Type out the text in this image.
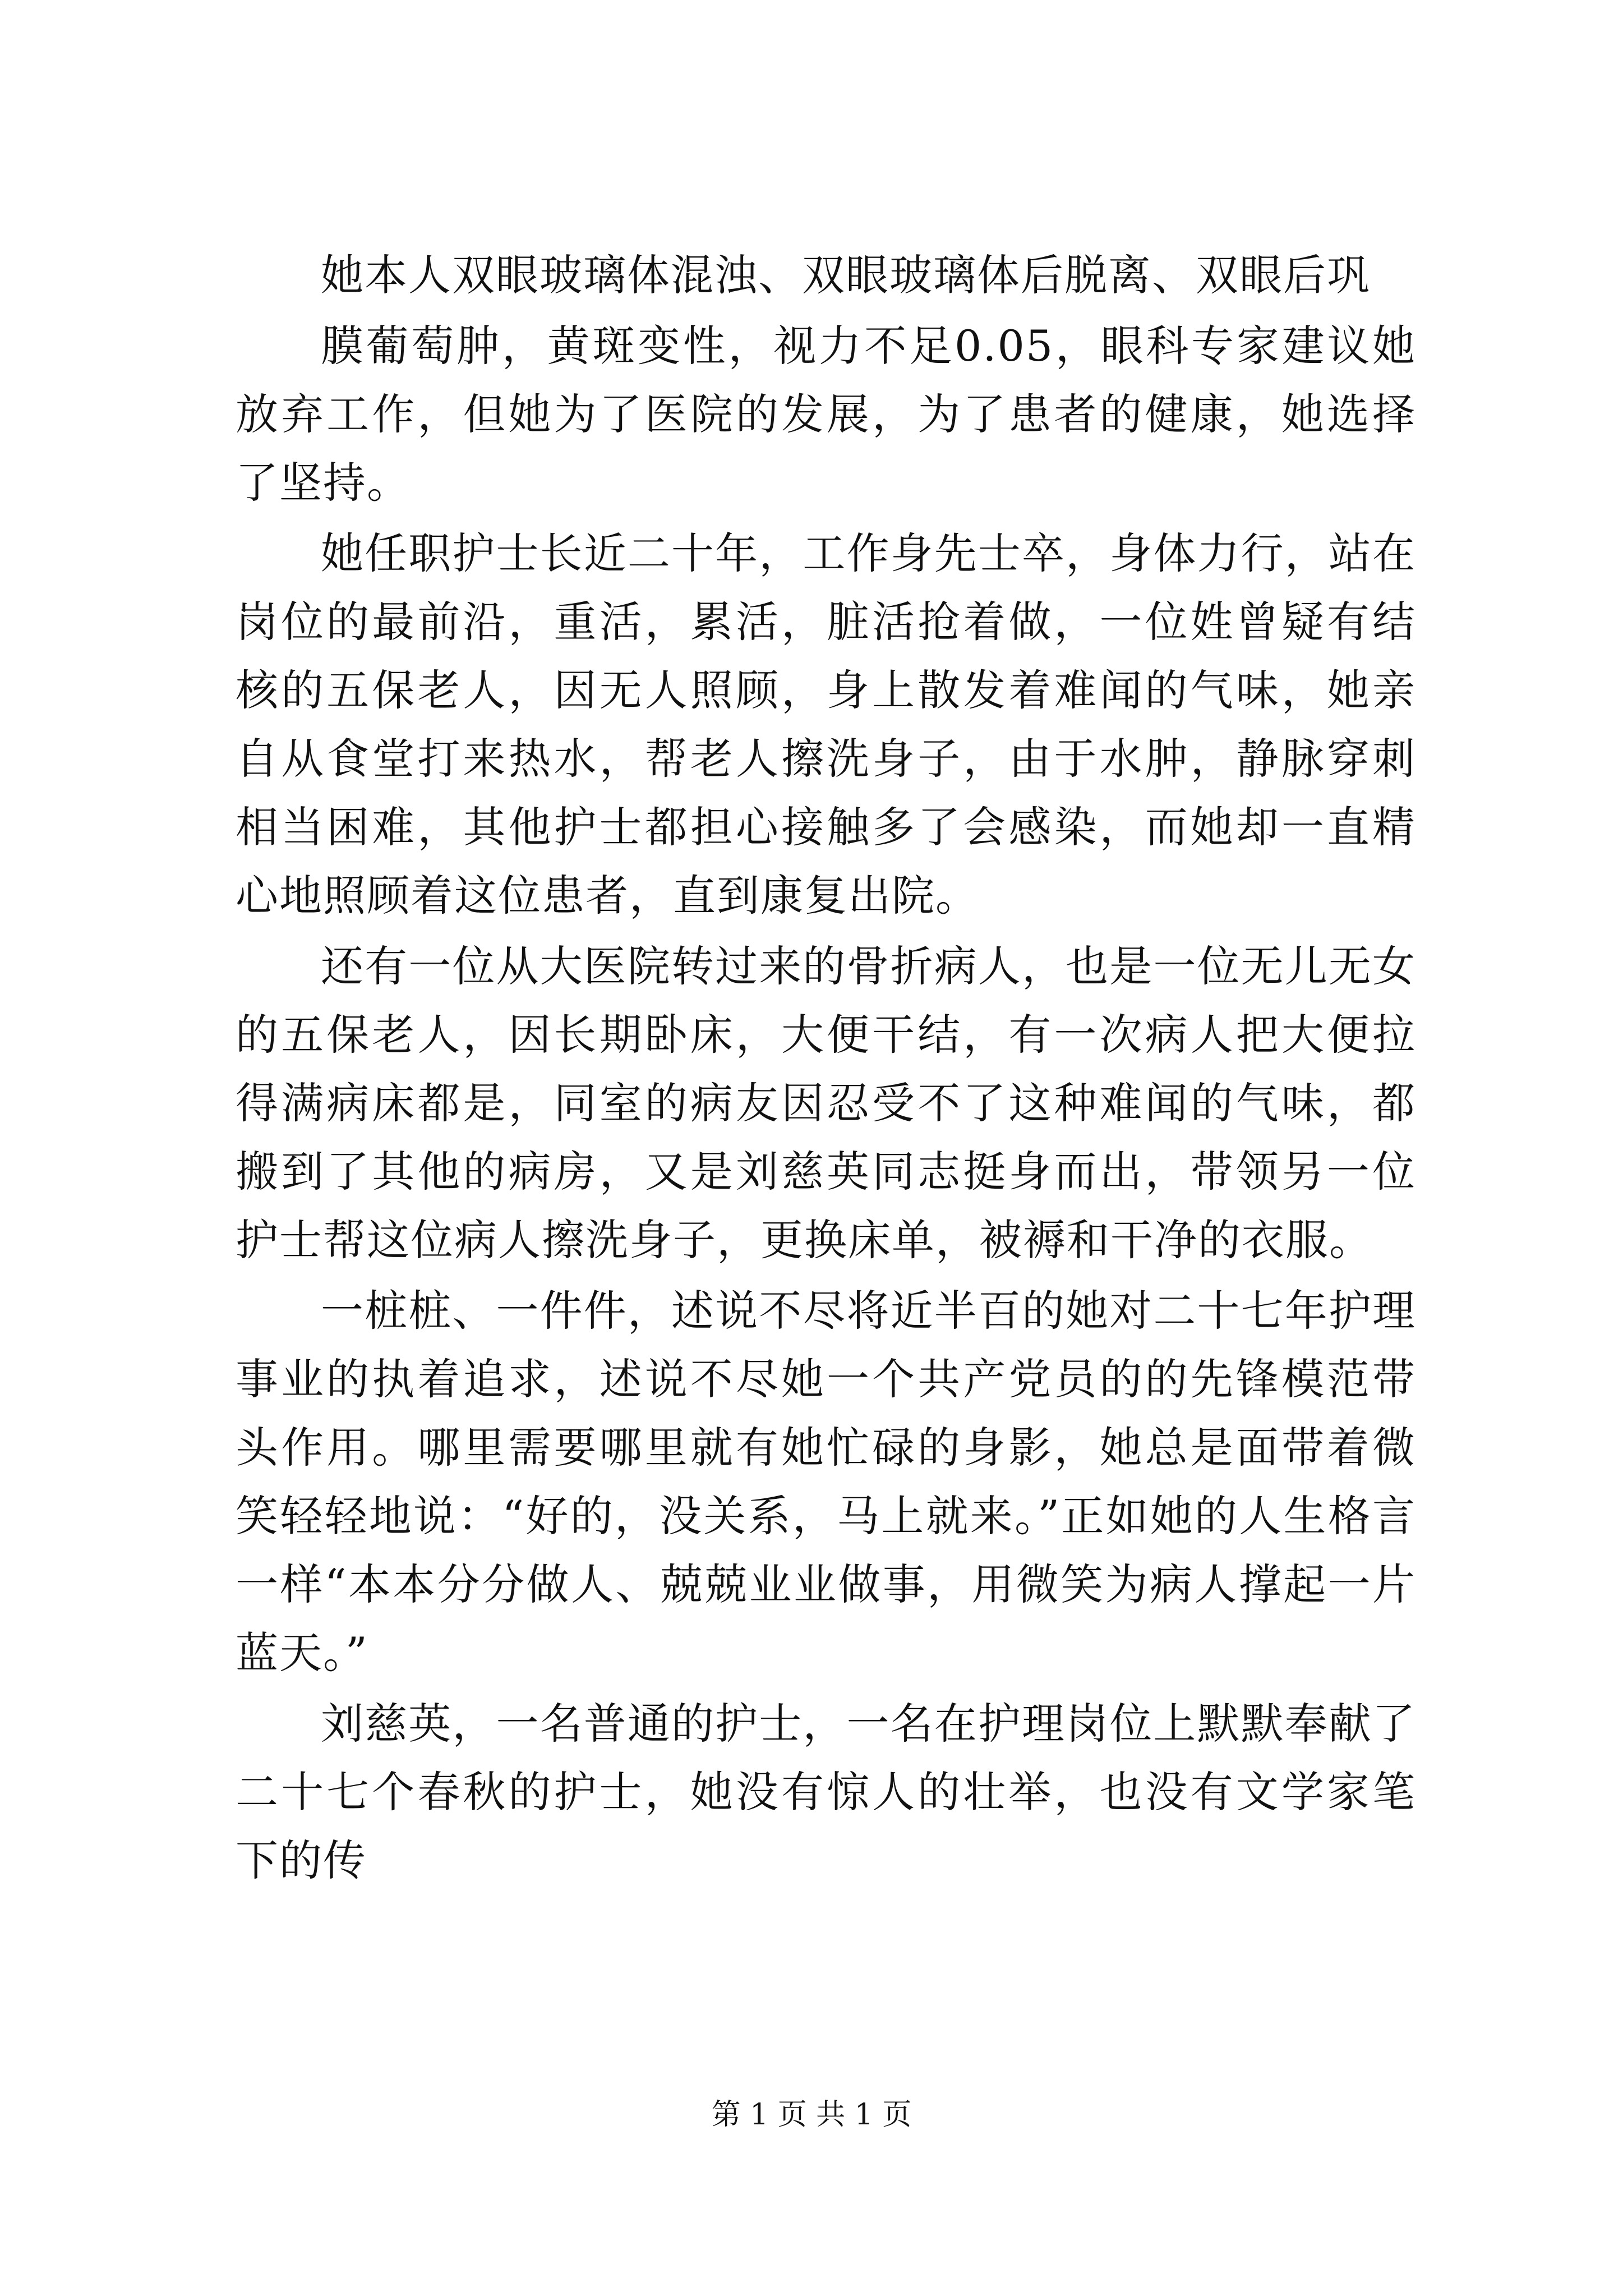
她本人双眼玻璃体混浊、双眼玻璃体后脱离、双眼后巩

膜葡萄肿，黄斑变性，视力不足0.05，眼科专家建议她放弃工作，但她为了医院的发展，为了患者的健康，她选择了坚持。

她任职护士长近二十年，工作身先士卒，身体力行，站在岗位的最前沿，重活，累活，脏活抢着做，一位姓曾疑有结核的五保老人，因无人照顾，身上散发着难闻的气味，她亲自从食堂打来热水，帮老人擦洗身子，由于水肿，静脉穿刺相当困难，其他护士都担心接触多了会感染，而她却一直精心地照顾着这位患者，直到康复出院。

还有一位从大医院转过来的骨折病人，也是一位无儿无女的五保老人，因长期卧床，大便干结，有一次病人把大便拉得满病床都是，同室的病友因忍受不了这种难闻的气味，都搬到了其他的病房，又是刘慈英同志挺身而出，带领另一位护士帮这位病人擦洗身子，更换床单，被褥和干净的衣服。

一桩桩、一件件，述说不尽将近半百的她对二十七年护理事业的执着追求，述说不尽她一个共产党员的的先锋模范带头作用。哪里需要哪里就有她忙碌的身影，她总是面带着微笑轻轻地说：“好的，没关系，马上就来。”正如她的人生格言一样“本本分分做人、兢兢业业做事，用微笑为病人撑起一片蓝天。”

刘慈英，一名普通的护士，一名在护理岗位上默默奉献了二十七个春秋的护士，她没有惊人的壮举，也没有文学家笔下的传

第 1 页 共 1 页
